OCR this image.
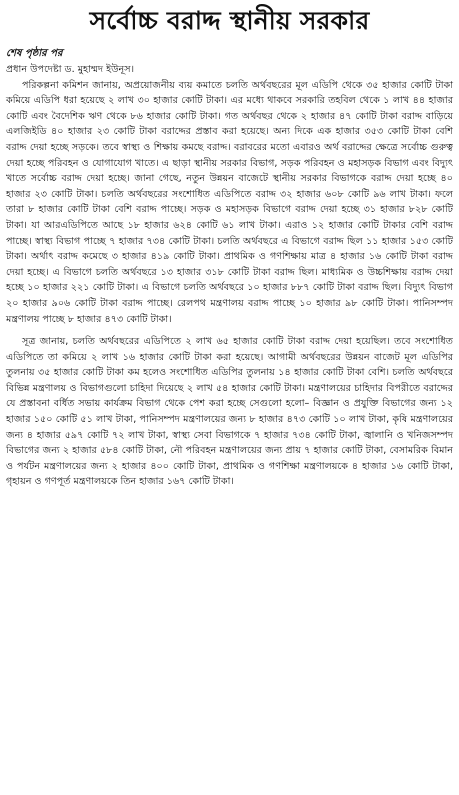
সর্বোচ্চ বরাদ্দ স্থানীয় সরকার

শেষ পৃষ্ঠার পর

প্রধান উপদেষ্টা ড. মুহাম্মদ ইউনূস।

পরিকল্পনা কমিশন জানায়, অপ্রয়োজনীয় ব্যয় কমাতে চলতি অর্থবছরের মূল এডিপি থেকে ৩৫ হাজার কোটি টাকা কমিয়ে এডিপি ধরা হয়েছে ২ লাখ ৩০ হাজার কোটি টাকা। এর মধ্যে থাকবে সরকারি তহবিল থেকে ১ লাখ ৪৪ হাজার কোটি এবং বৈদেশিক ঋণ থেকে ৮৬ হাজার কোটি টাকা। গত অর্থবছর থেকে ২ হাজার ৪৭ কোটি টাকা বরাদ্দ বাড়িয়ে এলজিইডি ৪০ হাজার ২৩ কোটি টাকা বরাদ্দের প্রস্তাব করা হয়েছে। অন্য দিকে এক হাজার ৩৫৩ কোটি টাকা বেশি বরাদ্দ দেয়া হচ্ছে সড়কে। তবে স্বাস্থ্য ও শিক্ষায় কমছে বরাদ্দ। বরাবরের মতো এবারও অর্থ বরাদ্দের ক্ষেত্রে সর্বোচ্চ গুরুত্ব দেয়া হচ্ছে পরিবহন ও যোগাযোগ খাতে। এ ছাড়া স্থানীয় সরকার বিভাগ, সড়ক পরিবহন ও মহাসড়ক বিভাগ এবং বিদ্যুৎ খাতে সর্বোচ্চ বরাদ্দ দেয়া হচ্ছে। জানা গেছে, নতুন উন্নয়ন বাজেটে স্থানীয় সরকার বিভাগকে বরাদ্দ দেয়া হচ্ছে ৪০ হাজার ২৩ কোটি টাকা। চলতি অর্থবছরের সংশোধিত এডিপিতে বরাদ্দ ৩২ হাজার ৬০৮ কোটি ৯৬ লাখ টাকা। ফলে তারা ৮ হাজার কোটি টাকা বেশি বরাদ্দ পাচ্ছে। সড়ক ও মহাসড়ক বিভাগে বরাদ্দ দেয়া হচ্ছে ৩১ হাজার ৮২৮ কোটি টাকা। যা আরএডিপিতে আছে ১৮ হাজার ৬২৪ কোটি ৬১ লাখ টাকা। এরাও ১২ হাজার কোটি টাকার বেশি বরাদ্দ পাচ্ছে। স্বাস্থ্য বিভাগ পাচ্ছে ৭ হাজার ৭৩৪ কোটি টাকা। চলতি অর্থবছরে এ বিভাগে বরাদ্দ ছিল ১১ হাজার ১৫৩ কোটি টাকা। অর্থাৎ বরাদ্দ কমেছে ৩ হাজার ৪১৯ কোটি টাকা। প্রাথমিক ও গণশিক্ষায় মাত্র ৪ হাজার ১৬ কোটি টাকা বরাদ্দ দেয়া হচ্ছে। এ বিভাগে চলতি অর্থবছরে ১৩ হাজার ৩১৮ কোটি টাকা বরাদ্দ ছিল। মাধ্যমিক ও উচ্চশিক্ষায় বরাদ্দ দেয়া হচ্ছে ১০ হাজার ২২১ কোটি টাকা। এ বিভাগে চলতি অর্থবছরে ১০ হাজার ৮৮৭ কোটি টাকা বরাদ্দ ছিল। বিদ্যুৎ বিভাগ ২০ হাজার ৯০৬ কোটি টাকা বরাদ্দ পাচ্ছে। রেলপথ মন্ত্রণালয় বরাদ্দ পাচ্ছে ১০ হাজার ৯৮ কোটি টাকা। পানিসম্পদ মন্ত্রণালয় পাচ্ছে ৮ হাজার ৪৭৩ কোটি টাকা।

সূত্র জানায়, চলতি অর্থবছরের এডিপিতে ২ লাখ ৬৫ হাজার কোটি টাকা বরাদ্দ দেয়া হয়েছিল। তবে সংশোধিত এডিপিতে তা কমিয়ে ২ লাখ ১৬ হাজার কোটি টাকা করা হয়েছে। আগামী অর্থবছরের উন্নয়ন বাজেট মূল এডিপির তুলনায় ৩৫ হাজার কোটি টাকা কম হলেও সংশোধিত এডিপির তুলনায় ১৪ হাজার কোটি টাকা বেশি। চলতি অর্থবছরে বিভিন্ন মন্ত্রণালয় ও বিভাগগুলো চাহিদা দিয়েছে ২ লাখ ৫৪ হাজার কোটি টাকা। মন্ত্রণালয়ের চাহিদার বিপরীতে বরাদ্দের যে প্রস্তাবনা বর্ধিত সভায় কার্যক্রম বিভাগ থেকে পেশ করা হচ্ছে সেগুলো হলো– বিজ্ঞান ও প্রযুক্তি বিভাগের জন্য ১২ হাজার ১৫০ কোটি ৫১ লাখ টাকা, পানিসম্পদ মন্ত্রণালয়ের জন্য ৮ হাজার ৪৭৩ কোটি ১০ লাখ টাকা, কৃষি মন্ত্রণালয়ের জন্য ৪ হাজার ৫৯৭ কোটি ৭২ লাখ টাকা, স্বাস্থ্য সেবা বিভাগকে ৭ হাজার ৭৩৪ কোটি টাকা, জ্বালানি ও খনিজসম্পদ বিভাগের জন্য ২ হাজার ৫৮৪ কোটি টাকা, নৌ পরিবহন মন্ত্রণালয়ের জন্য প্রায় ৭ হাজার কোটি টাকা, বেসামরিক বিমান ও পর্যটন মন্ত্রণালয়ের জন্য ২ হাজার ৪০০ কোটি টাকা, প্রাথমিক ও গণশিক্ষা মন্ত্রণালয়কে ৪ হাজার ১৬ কোটি টাকা, গৃহায়ন ও গণপূর্ত মন্ত্রণালয়কে তিন হাজার ১৬৭ কোটি টাকা।
